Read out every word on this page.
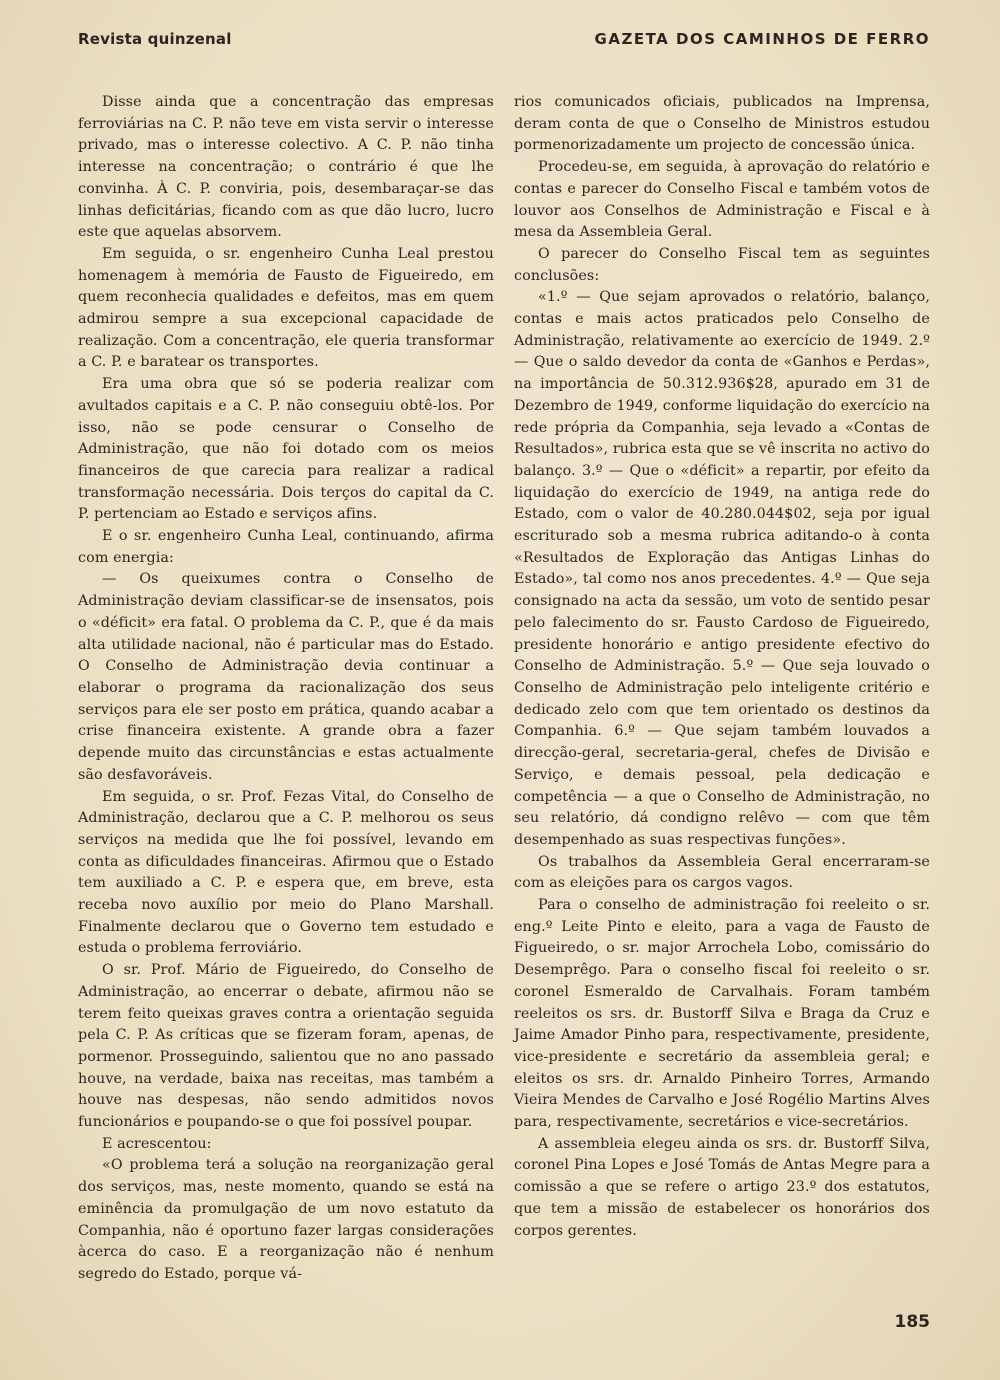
Revista quinzenal	GAZETA DOS CAMINHOS DE FERRO

Disse ainda que a concentração das empresas ferroviárias na C. P. não teve em vista servir o interesse privado, mas o interesse colectivo. A C. P. não tinha interesse na concentração; o contrário é que lhe convinha. À C. P. conviria, pois, desembaraçar-se das linhas deficitárias, ficando com as que dão lucro, lucro este que aquelas absorvem.

Em seguida, o sr. engenheiro Cunha Leal prestou homenagem à memória de Fausto de Figueiredo, em quem reconhecia qualidades e defeitos, mas em quem admirou sempre a sua excepcional capacidade de realização. Com a concentração, ele queria transformar a C. P. e baratear os transportes.

Era uma obra que só se poderia realizar com avultados capitais e a C. P. não conseguiu obtê-los. Por isso, não se pode censurar o Conselho de Administração, que não foi dotado com os meios financeiros de que carecia para realizar a radical transformação necessária. Dois terços do capital da C. P. pertenciam ao Estado e serviços afins.

E o sr. engenheiro Cunha Leal, continuando, afirma com energia:

— Os queixumes contra o Conselho de Administração deviam classificar-se de insensatos, pois o «déficit» era fatal. O problema da C. P., que é da mais alta utilidade nacional, não é particular mas do Estado. O Conselho de Administração devia continuar a elaborar o programa da racionalização dos seus serviços para ele ser posto em prática, quando acabar a crise financeira existente. A grande obra a fazer depende muito das circunstâncias e estas actualmente são desfavoráveis.

Em seguida, o sr. Prof. Fezas Vital, do Conselho de Administração, declarou que a C. P. melhorou os seus serviços na medida que lhe foi possível, levando em conta as dificuldades financeiras. Afirmou que o Estado tem auxiliado a C. P. e espera que, em breve, esta receba novo auxílio por meio do Plano Marshall. Finalmente declarou que o Governo tem estudado e estuda o problema ferroviário.

O sr. Prof. Mário de Figueiredo, do Conselho de Administração, ao encerrar o debate, afirmou não se terem feito queixas graves contra a orientação seguida pela C. P. As críticas que se fizeram foram, apenas, de pormenor. Prosseguindo, salientou que no ano passado houve, na verdade, baixa nas receitas, mas também a houve nas despesas, não sendo admitidos novos funcionários e poupando-se o que foi possível poupar.

E acrescentou:

«O problema terá a solução na reorganização geral dos serviços, mas, neste momento, quando se está na eminência da promulgação de um novo estatuto da Companhia, não é oportuno fazer largas considerações àcerca do caso. E a reorganização não é nenhum segredo do Estado, porque vá-

rios comunicados oficiais, publicados na Imprensa, deram conta de que o Conselho de Ministros estudou pormenorizadamente um projecto de concessão única.

Procedeu-se, em seguida, à aprovação do relatório e contas e parecer do Conselho Fiscal e também votos de louvor aos Conselhos de Administração e Fiscal e à mesa da Assembleia Geral.

O parecer do Conselho Fiscal tem as seguintes conclusões:

«1.º — Que sejam aprovados o relatório, balanço, contas e mais actos praticados pelo Conselho de Administração, relativamente ao exercício de 1949. 2.º — Que o saldo devedor da conta de «Ganhos e Perdas», na importância de 50.312.936$28, apurado em 31 de Dezembro de 1949, conforme liquidação do exercício na rede própria da Companhia, seja levado a «Contas de Resultados», rubrica esta que se vê inscrita no activo do balanço. 3.º — Que o «déficit» a repartir, por efeito da liquidação do exercício de 1949, na antiga rede do Estado, com o valor de 40.280.044$02, seja por igual escriturado sob a mesma rubrica aditando-o à conta «Resultados de Exploração das Antigas Linhas do Estado», tal como nos anos precedentes. 4.º — Que seja consignado na acta da sessão, um voto de sentido pesar pelo falecimento do sr. Fausto Cardoso de Figueiredo, presidente honorário e antigo presidente efectivo do Conselho de Administração. 5.º — Que seja louvado o Conselho de Administração pelo inteligente critério e dedicado zelo com que tem orientado os destinos da Companhia. 6.º — Que sejam também louvados a direcção-geral, secretaria-geral, chefes de Divisão e Serviço, e demais pessoal, pela dedicação e competência — a que o Conselho de Administração, no seu relatório, dá condigno relêvo — com que têm desempenhado as suas respectivas funções».

Os trabalhos da Assembleia Geral encerraram-se com as eleições para os cargos vagos.

Para o conselho de administração foi reeleito o sr. eng.º Leite Pinto e eleito, para a vaga de Fausto de Figueiredo, o sr. major Arrochela Lobo, comissário do Desemprêgo. Para o conselho fiscal foi reeleito o sr. coronel Esmeraldo de Carvalhais. Foram também reeleitos os srs. dr. Bustorff Silva e Braga da Cruz e Jaime Amador Pinho para, respectivamente, presidente, vice-presidente e secretário da assembleia geral; e eleitos os srs. dr. Arnaldo Pinheiro Torres, Armando Vieira Mendes de Carvalho e José Rogélio Martins Alves para, respectivamente, secretários e vice-secretários.

A assembleia elegeu ainda os srs. dr. Bustorff Silva, coronel Pina Lopes e José Tomás de Antas Megre para a comissão a que se refere o artigo 23.º dos estatutos, que tem a missão de estabelecer os honorários dos corpos gerentes.

185
